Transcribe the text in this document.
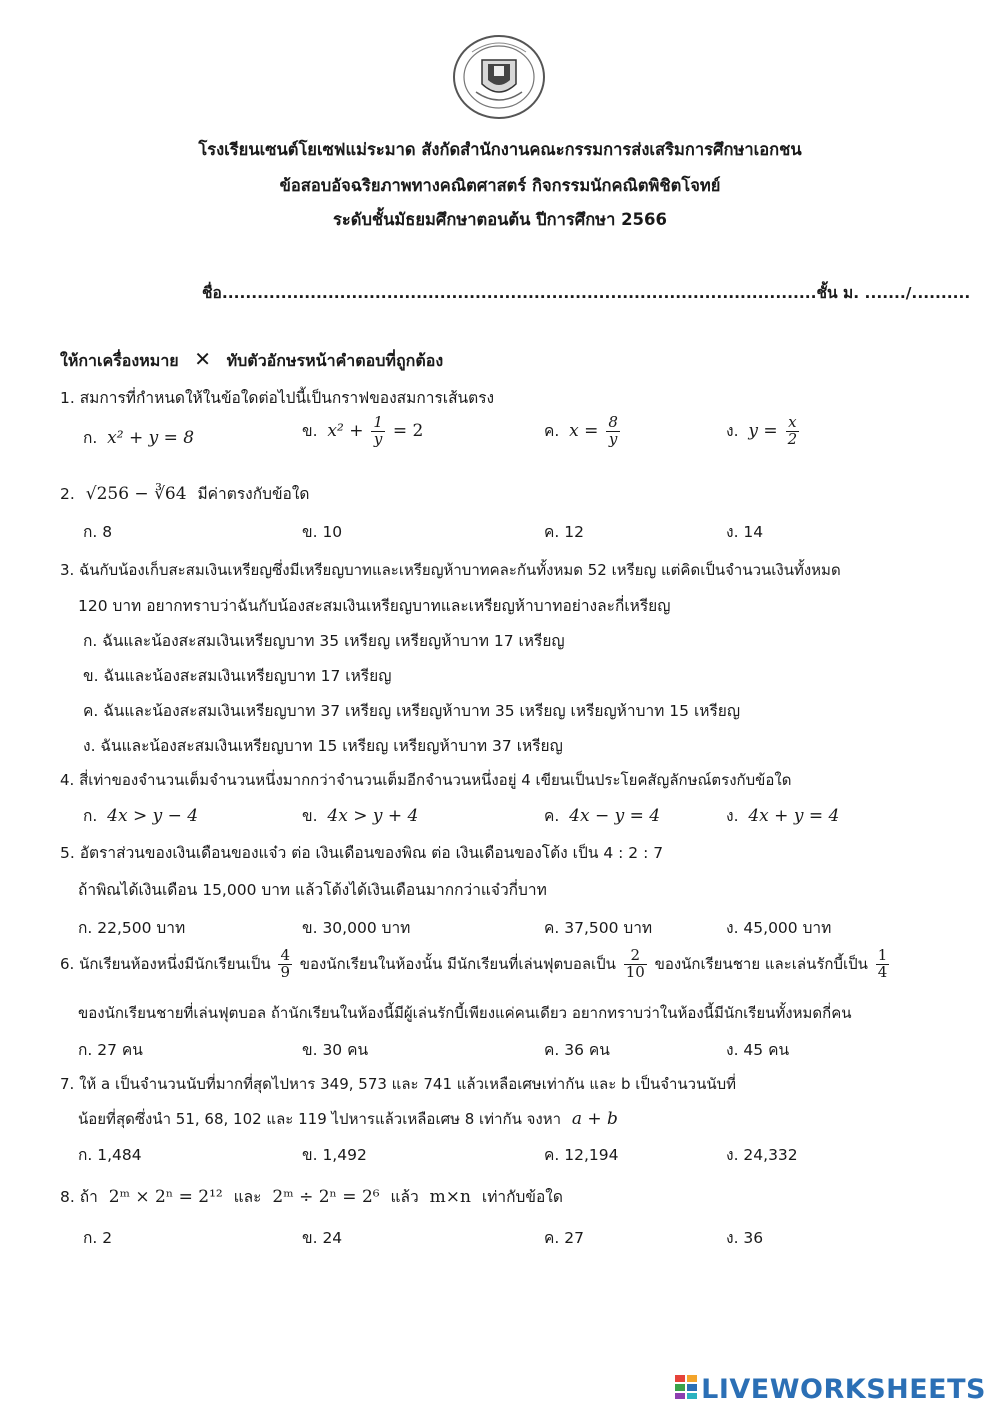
โรงเรียนเซนต์โยเซฟแม่ระมาด สังกัดสำนักงานคณะกรรมการส่งเสริมการศึกษาเอกชน
ข้อสอบอัจฉริยภาพทางคณิตศาสตร์ กิจกรรมนักคณิตพิชิตโจทย์
ระดับชั้นมัธยมศึกษาตอนต้น ปีการศึกษา 2566
ชื่อ.....................................................................................................ชั้น ม. ......./..........
ให้กาเครื่องหมาย ✕ ทับตัวอักษรหน้าคำตอบที่ถูกต้อง
1. สมการที่กำหนดให้ในข้อใดต่อไปนี้เป็นกราฟของสมการเส้นตรง
ก. x² + y = 8	ข. $x^2 + \frac{1}{y} = 2$	ค. $x = \frac{8}{y}$	ง. $y = \frac{x}{2}$
2. √256 − ∛64 มีค่าตรงกับข้อใด
ก. 8	ข. 10	ค. 12	ง. 14
3. ฉันกับน้องเก็บสะสมเงินเหรียญซึ่งมีเหรียญบาทและเหรียญห้าบาทคละกันทั้งหมด 52 เหรียญ แต่คิดเป็นจำนวนเงินทั้งหมด
120 บาท อยากทราบว่าฉันกับน้องสะสมเงินเหรียญบาทและเหรียญห้าบาทอย่างละกี่เหรียญ
ก. ฉันและน้องสะสมเงินเหรียญบาท 35 เหรียญ เหรียญห้าบาท 17 เหรียญ
ข. ฉันและน้องสะสมเงินเหรียญบาท 17 เหรียญ
ค. ฉันและน้องสะสมเงินเหรียญบาท 37 เหรียญ เหรียญห้าบาท 35 เหรียญ เหรียญห้าบาท 15 เหรียญ
ง. ฉันและน้องสะสมเงินเหรียญบาท 15 เหรียญ เหรียญห้าบาท 37 เหรียญ
4. สี่เท่าของจำนวนเต็มจำนวนหนึ่งมากกว่าจำนวนเต็มอีกจำนวนหนึ่งอยู่ 4 เขียนเป็นประโยคสัญลักษณ์ตรงกับข้อใด
ก. 4x > y − 4	ข. 4x > y + 4	ค. 4x − y = 4	ง. 4x + y = 4
5. อัตราส่วนของเงินเดือนของแจ๋ว ต่อ เงินเดือนของพิณ ต่อ เงินเดือนของโต้ง เป็น 4 : 2 : 7
ถ้าพิณได้เงินเดือน 15,000 บาท แล้วโต้งได้เงินเดือนมากกว่าแจ๋วกี่บาท
ก. 22,500 บาท	ข. 30,000 บาท	ค. 37,500 บาท	ง. 45,000 บาท
6. นักเรียนห้องหนึ่งมีนักเรียนเป็น $\frac{4}{9}$ ของนักเรียนในห้องนั้น มีนักเรียนที่เล่นฟุตบอลเป็น $\frac{2}{10}$ ของนักเรียนชาย และเล่นรักบี้เป็น $\frac{1}{4}$
ของนักเรียนชายที่เล่นฟุตบอล ถ้านักเรียนในห้องนี้มีผู้เล่นรักบี้เพียงแค่คนเดียว อยากทราบว่าในห้องนี้มีนักเรียนทั้งหมดกี่คน
ก. 27 คน	ข. 30 คน	ค. 36 คน	ง. 45 คน
7. ให้ a เป็นจำนวนนับที่มากที่สุดไปหาร 349, 573 และ 741 แล้วเหลือเศษเท่ากัน และ b เป็นจำนวนนับที่
น้อยที่สุดซึ่งนำ 51, 68, 102 และ 119 ไปหารแล้วเหลือเศษ 8 เท่ากัน จงหา a + b
ก. 1,484	ข. 1,492	ค. 12,194	ง. 24,332
8. ถ้า 2ᵐ × 2ⁿ = 2¹² และ 2ᵐ ÷ 2ⁿ = 2⁶ แล้ว m×n เท่ากับข้อใด
ก. 2	ข. 24	ค. 27	ง. 36
LIVEWORKSHEETS
